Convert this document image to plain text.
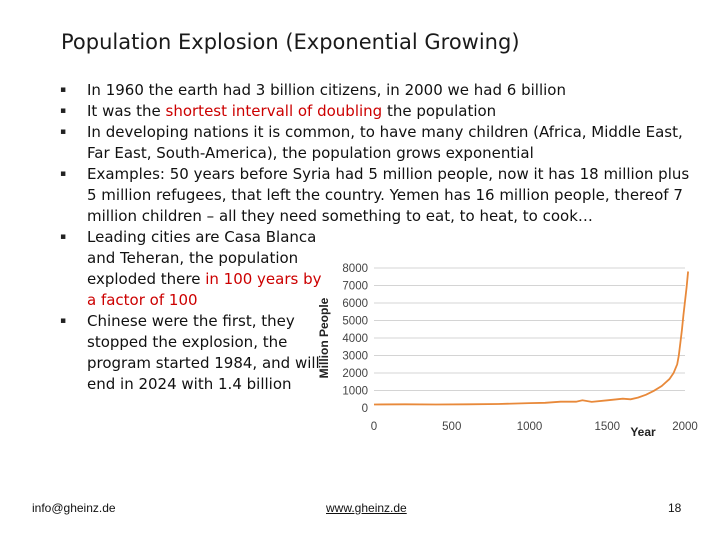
Population Explosion (Exponential Growing)
▪ In 1960 the earth had 3 billion citizens, in 2000 we had 6 billion
▪ It was the shortest intervall of doubling the population
▪ In developing nations it is common, to have many children (Africa, Middle East, Far East, South-America), the population grows exponential
▪ Examples: 50 years before Syria had 5 million people, now it has 18 million plus 5 million refugees, that left the country. Yemen has 16 million people, thereof 7 million children – all they need something to eat, to heat, to cook…
▪ Leading cities are Casa Blanca and Teheran, the population exploded there in 100 years by a factor of 100
▪ Chinese were the first, they stopped the explosion, the program started 1984, and will end in 2024 with 1.4 billion
0
1000
2000
3000
4000
5000
6000
7000
8000
0	500	1000	1500	2000
Million People
Year
info@gheinz.de	www.gheinz.de	18
